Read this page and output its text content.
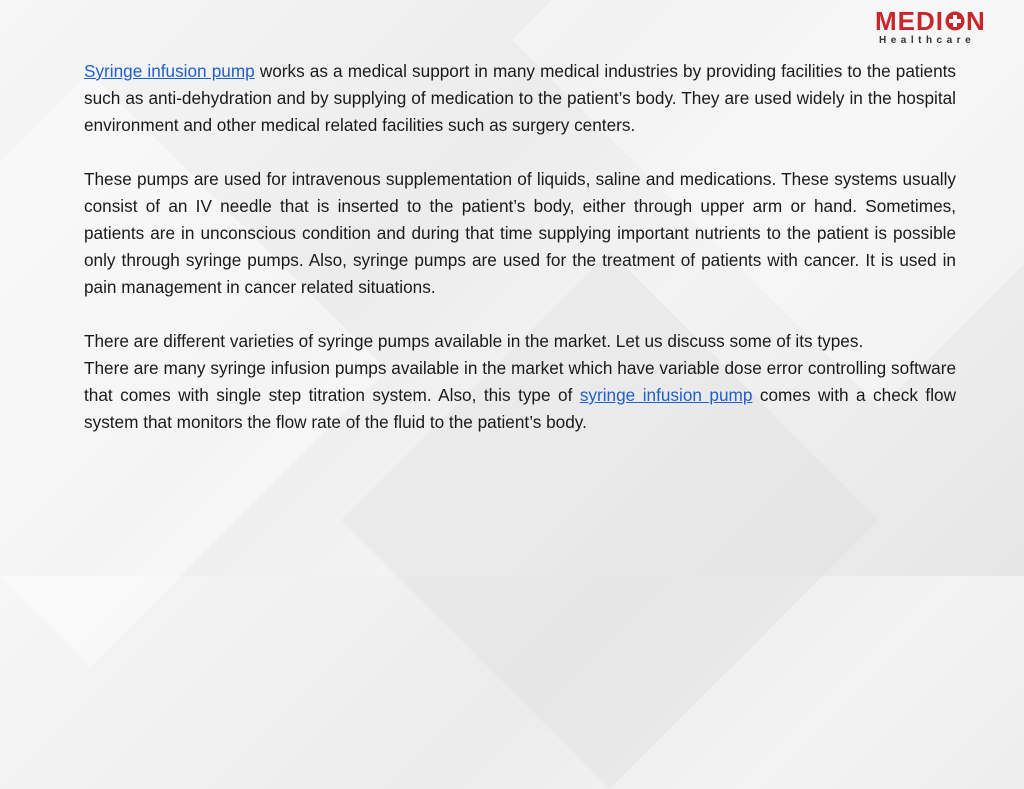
MEDI N
Healthcare

Syringe infusion pump works as a medical support in many medical industries by providing facilities to the patients such as anti-dehydration and by supplying of medication to the patient’s body. They are used widely in the hospital environment and other medical related facilities such as surgery centers.

These pumps are used for intravenous supplementation of liquids, saline and medications. These systems usually consist of an IV needle that is inserted to the patient’s body, either through upper arm or hand. Sometimes, patients are in unconscious condition and during that time supplying important nutrients to the patient is possible only through syringe pumps. Also, syringe pumps are used for the treatment of patients with cancer. It is used in pain management in cancer related situations.

There are different varieties of syringe pumps available in the market. Let us discuss some of its types.

There are many syringe infusion pumps available in the market which have variable dose error controlling software that comes with single step titration system. Also, this type of syringe infusion pump comes with a check flow system that monitors the flow rate of the fluid to the patient’s body.
